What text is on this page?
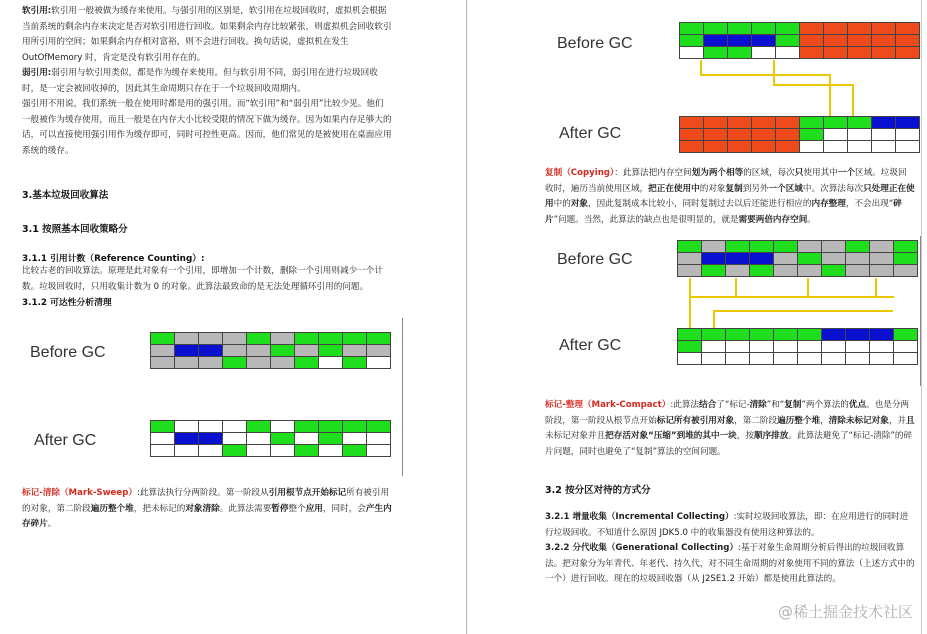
软引用:软引用一般被做为缓存来使用。与强引用的区别是，软引用在垃圾回收时，虚拟机会根据当前系统的剩余内存来决定是否对软引用进行回收。如果剩余内存比较紧张，则虚拟机会回收软引用所引用的空间；如果剩余内存相对富裕，则不会进行回收。换句话说，虚拟机在发生 OutOfMemory 时，肯定是没有软引用存在的。

弱引用:弱引用与软引用类似，都是作为缓存来使用。但与软引用不同，弱引用在进行垃圾回收时，是一定会被回收掉的，因此其生命周期只存在于一个垃圾回收周期内。

强引用不用说，我们系统一般在使用时都是用的强引用。而“软引用”和“弱引用”比较少见。他们一般被作为缓存使用，而且一般是在内存大小比较受限的情况下做为缓存。因为如果内存足够大的话，可以直接使用强引用作为缓存即可，同时可控性更高。因而，他们常见的是被使用在桌面应用系统的缓存。

3.基本垃圾回收算法
3.1 按照基本回收策略分
3.1.1 引用计数（Reference Counting）:

比较古老的回收算法。原理是此对象有一个引用，即增加一个计数，删除一个引用则减少一个计数。垃圾回收时，只用收集计数为 0 的对象。此算法最致命的是无法处理循环引用的问题。

3.1.2 可达性分析清理
Before GC
After GC

标记-清除（Mark-Sweep）:此算法执行分两阶段。第一阶段从引用根节点开始标记所有被引用的对象，第二阶段遍历整个堆，把未标记的对象清除。此算法需要暂停整个应用，同时，会产生内存碎片。

Before GC
After GC

复制（Copying）：此算法把内存空间划为两个相等的区域，每次只使用其中一个区域。垃圾回收时，遍历当前使用区域，把正在使用中的对象复制到另外一个区域中。次算法每次只处理正在使用中的对象，因此复制成本比较小，同时复制过去以后还能进行相应的内存整理，不会出现“碎片”问题。当然，此算法的缺点也是很明显的，就是需要两倍内存空间。

Before GC
After GC

标记-整理（Mark-Compact）:此算法结合了“标记-清除”和“复制”两个算法的优点。也是分两阶段，第一阶段从根节点开始标记所有被引用对象，第二阶段遍历整个堆，清除未标记对象，并且未标记对象并且把存活对象“压缩”到堆的其中一块，按顺序排放。此算法避免了“标记-清除”的碎片问题，同时也避免了“复制”算法的空间问题。

3.2 按分区对待的方式分

3.2.1 增量收集（Incremental Collecting）:实时垃圾回收算法，即：在应用进行的同时进行垃圾回收。不知道什么原因 JDK5.0 中的收集器没有使用这种算法的。

3.2.2 分代收集（Generational Collecting）:基于对象生命周期分析后得出的垃圾回收算法。把对象分为年青代、年老代、持久代，对不同生命周期的对象使用不同的算法（上述方式中的一个）进行回收。现在的垃圾回收器（从 J2SE1.2 开始）都是使用此算法的。

@稀土掘金技术社区
